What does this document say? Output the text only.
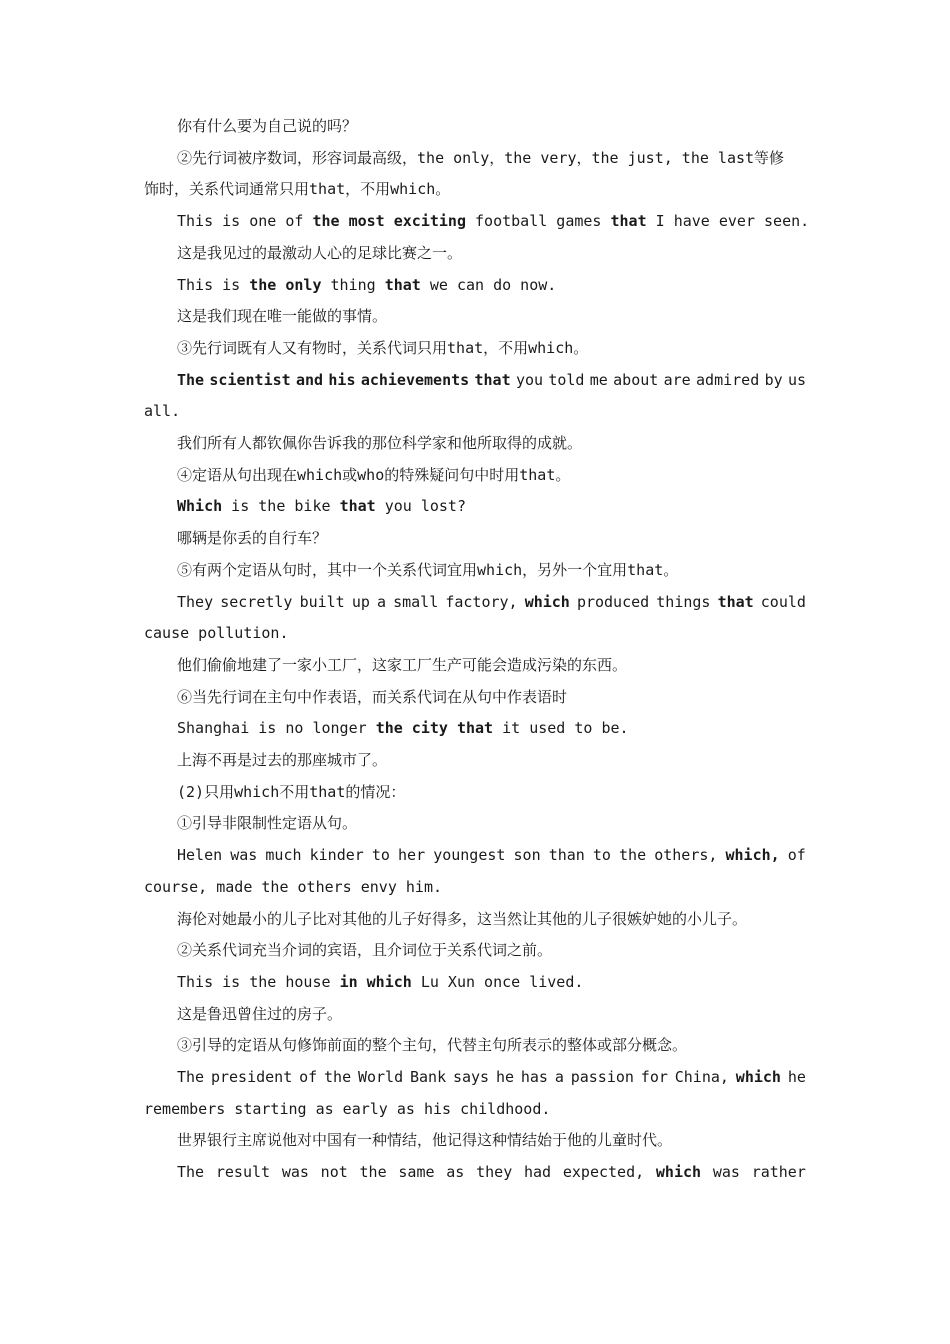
你有什么要为自己说的吗？
②先行词被序数词，形容词最高级，the only，the very，the just, the last等修
饰时，关系代词通常只用that，不用which。
This is one of the most exciting football games that I have ever seen.
这是我见过的最激动人心的足球比赛之一。
This is the only thing that we can do now.
这是我们现在唯一能做的事情。
③先行词既有人又有物时，关系代词只用that，不用which。
The scientist and his achievements that you told me about are admired by us
all.
我们所有人都钦佩你告诉我的那位科学家和他所取得的成就。
④定语从句出现在which或who的特殊疑问句中时用that。
Which is the bike that you lost?
哪辆是你丢的自行车？
⑤有两个定语从句时，其中一个关系代词宜用which，另外一个宜用that。
They secretly built up a small factory, which produced things that could
cause pollution.
他们偷偷地建了一家小工厂，这家工厂生产可能会造成污染的东西。
⑥当先行词在主句中作表语，而关系代词在从句中作表语时
Shanghai is no longer the city that it used to be.
上海不再是过去的那座城市了。
(2)只用which不用that的情况：
①引导非限制性定语从句。
Helen was much kinder to her youngest son than to the others, which, of
course, made the others envy him.
海伦对她最小的儿子比对其他的儿子好得多，这当然让其他的儿子很嫉妒她的小儿子。
②关系代词充当介词的宾语，且介词位于关系代词之前。
This is the house in which Lu Xun once lived.
这是鲁迅曾住过的房子。
③引导的定语从句修饰前面的整个主句，代替主句所表示的整体或部分概念。
The president of the World Bank says he has a passion for China, which he
remembers starting as early as his childhood.
世界银行主席说他对中国有一种情结，他记得这种情结始于他的儿童时代。
The result was not the same as they had expected, which was rather
